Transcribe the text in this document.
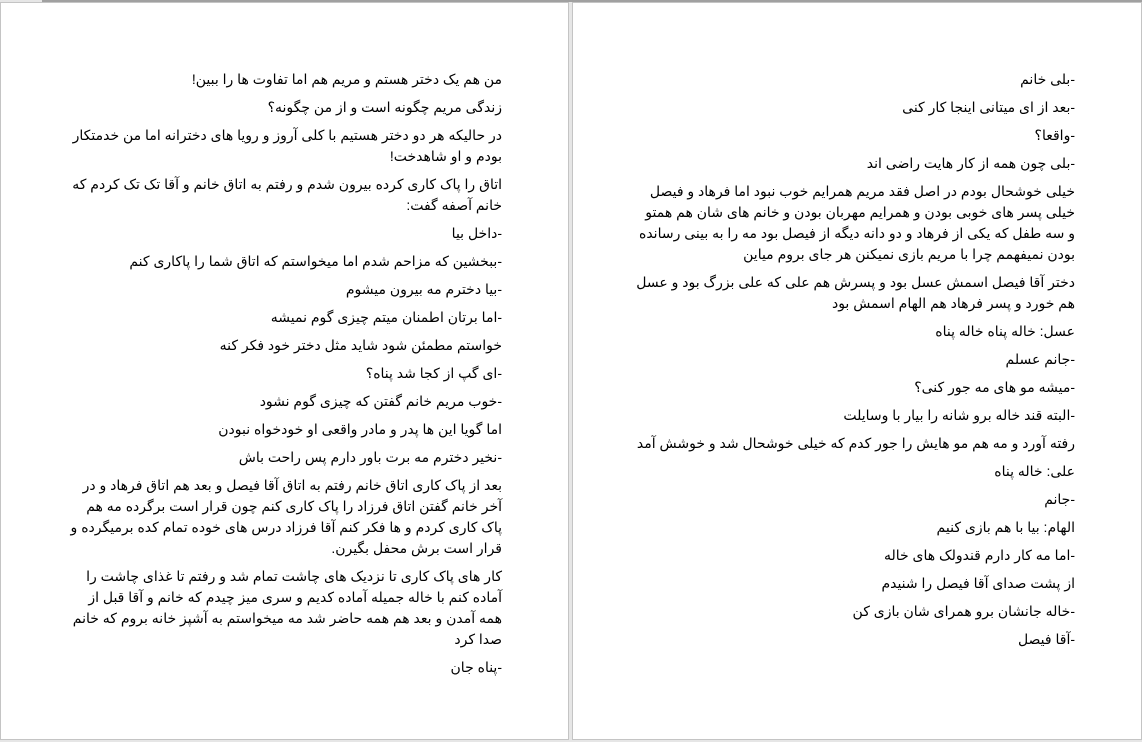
من هم یک دختر هستم و مریم هم اما تفاوت ها را ببین!

زندگی مریم چگونه است و از من چگونه؟

در حالیکه هر دو دختر هستیم با کلی آروز و رویا های دخترانه اما من خدمتکار بودم و او شاهدخت!

اتاق را پاک کاری کرده بیرون شدم و رفتم به اتاق خانم و آقا تک تک کردم که خانم آصفه گفت:

-داخل بیا

-ببخشین که مزاحم شدم اما میخواستم که اتاق شما را پاکاری کنم

-بیا دخترم مه بیرون میشوم

-اما برتان اطمنان میتم چیزی گوم نمیشه

خواستم مطمئن شود شاید مثل دختر خود فکر کنه

-ای گپ از کجا شد پناه؟

-خوب مریم خانم گفتن که چیزی گوم نشود

اما گویا این ها پدر و مادر واقعی او خودخواه نبودن

-نخیر دخترم مه برت باور دارم پس راحت باش

بعد از پاک کاری اتاق خانم رفتم به اتاق آقا فیصل و بعد هم اتاق فرهاد و در آخر خانم گفتن اتاق فرزاد را پاک کاری کنم چون قرار است برگرده مه هم پاک کاری کردم و ها فکر کنم آقا فرزاد درس های خوده تمام کده برمیگرده و قرار است برش محفل بگیرن.

کار های پاک کاری تا نزدیک های چاشت تمام شد و رفتم تا غذای چاشت را آماده کنم با خاله جمیله آماده کدیم و سری میز چیدم که خانم و آقا قبل از همه آمدن و بعد هم همه حاضر شد مه میخواستم به آشپز خانه بروم که خانم صدا کرد

-پناه جان

-بلی خانم

-بعد از ای میتانی اینجا کار کنی

-واقعا؟

-بلی چون همه از کار هایت راضی اند

خیلی خوشحال بودم در اصل فقد مریم همرایم خوب نبود اما فرهاد و فیصل خیلی پسر های خوبی بودن و همرایم مهربان بودن و خانم های شان هم همتو و سه طفل که یکی از فرهاد و دو دانه دیگه از فیصل بود مه را به بینی رسانده بودن نمیفهمم چرا با مریم بازی نمیکنن هر جای بروم میاین

دختر آقا فیصل اسمش عسل بود و پسرش هم علی که علی بزرگ بود و عسل هم خورد و پسر فرهاد هم الهام اسمش بود

عسل: خاله پناه خاله پناه

-جانم عسلم

-میشه مو های مه جور کنی؟

-البته قند خاله برو شانه را بیار با وسایلت

رفته آورد و مه هم مو هایش را جور کدم که خیلی خوشحال شد و خوشش آمد

علی: خاله پناه

-جانم

الهام: بیا با هم بازی کنیم

-اما مه کار دارم قندولک های خاله

از پشت صدای آقا فیصل را شنیدم

-خاله جانشان برو همرای شان بازی کن

-آقا فیصل
